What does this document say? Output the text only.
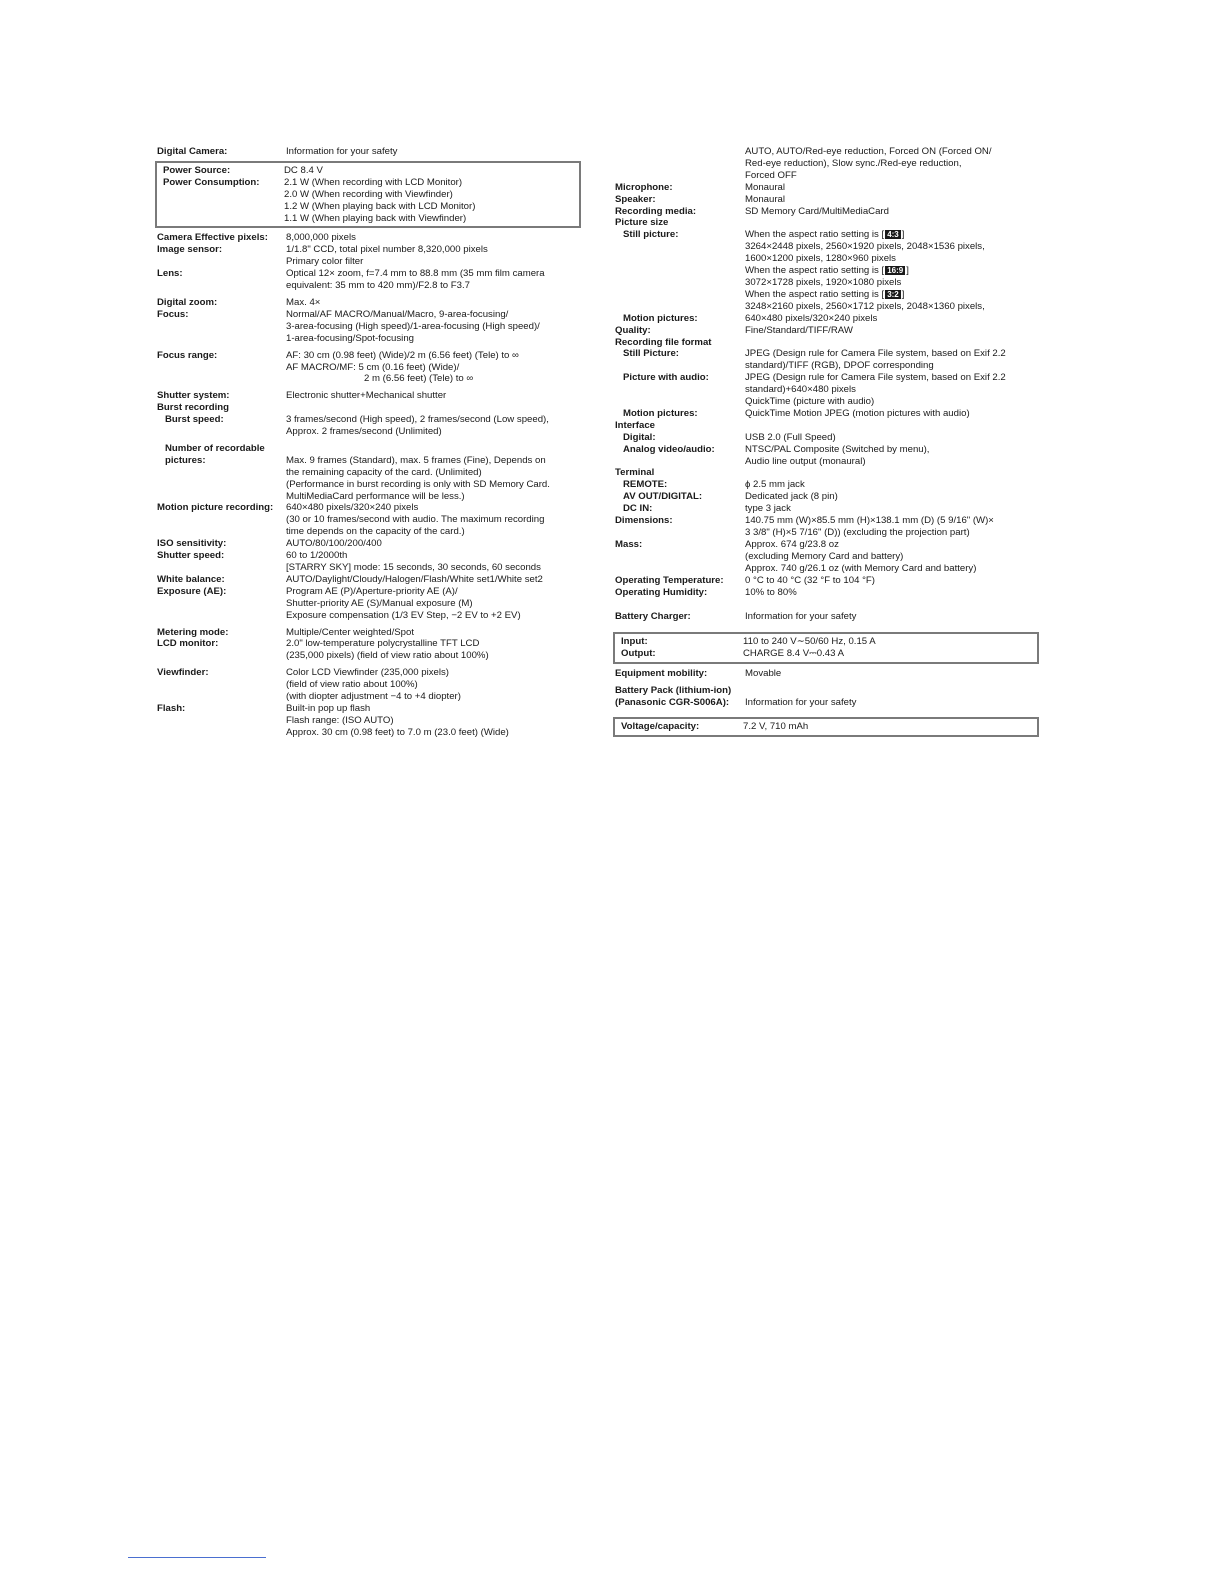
Digital Camera:	Information for your safety
Power Source:	DC 8.4 V
Power Consumption:	2.1 W (When recording with LCD Monitor)
2.0 W (When recording with Viewfinder)
1.2 W (When playing back with LCD Monitor)
1.1 W (When playing back with Viewfinder)
Camera Effective pixels:	8,000,000 pixels
Image sensor:	1/1.8" CCD, total pixel number 8,320,000 pixels
Primary color filter
Lens:	Optical 12× zoom, f=7.4 mm to 88.8 mm (35 mm film camera
equivalent: 35 mm to 420 mm)/F2.8 to F3.7
Digital zoom:	Max. 4×
Focus:	Normal/AF MACRO/Manual/Macro, 9-area-focusing/
3-area-focusing (High speed)/1-area-focusing (High speed)/
1-area-focusing/Spot-focusing
Focus range:	AF: 30 cm (0.98 feet) (Wide)/2 m (6.56 feet) (Tele) to ∞
AF MACRO/MF: 5 cm (0.16 feet) (Wide)/
2 m (6.56 feet) (Tele) to ∞
Shutter system:	Electronic shutter+Mechanical shutter
Burst recording
Burst speed:	3 frames/second (High speed), 2 frames/second (Low speed),
Approx. 2 frames/second (Unlimited)
Number of recordable
pictures:	Max. 9 frames (Standard), max. 5 frames (Fine), Depends on
the remaining capacity of the card. (Unlimited)
(Performance in burst recording is only with SD Memory Card.
MultiMediaCard performance will be less.)
Motion picture recording:	640×480 pixels/320×240 pixels
(30 or 10 frames/second with audio. The maximum recording
time depends on the capacity of the card.)
ISO sensitivity:	AUTO/80/100/200/400
Shutter speed:	60 to 1/2000th
[STARRY SKY] mode: 15 seconds, 30 seconds, 60 seconds
White balance:	AUTO/Daylight/Cloudy/Halogen/Flash/White set1/White set2
Exposure (AE):	Program AE (P)/Aperture-priority AE (A)/
Shutter-priority AE (S)/Manual exposure (M)
Exposure compensation (1/3 EV Step, −2 EV to +2 EV)
Metering mode:	Multiple/Center weighted/Spot
LCD monitor:	2.0" low-temperature polycrystalline TFT LCD
(235,000 pixels) (field of view ratio about 100%)
Viewfinder:	Color LCD Viewfinder (235,000 pixels)
(field of view ratio about 100%)
(with diopter adjustment −4 to +4 diopter)
Flash:	Built-in pop up flash
Flash range: (ISO AUTO)
Approx. 30 cm (0.98 feet) to 7.0 m (23.0 feet) (Wide)
AUTO, AUTO/Red-eye reduction, Forced ON (Forced ON/
Red-eye reduction), Slow sync./Red-eye reduction,
Forced OFF
Microphone:	Monaural
Speaker:	Monaural
Recording media:	SD Memory Card/MultiMediaCard
Picture size
Still picture:	When the aspect ratio setting is [ 4:3 ]
3264×2448 pixels, 2560×1920 pixels, 2048×1536 pixels,
1600×1200 pixels, 1280×960 pixels
When the aspect ratio setting is [ 16:9 ]
3072×1728 pixels, 1920×1080 pixels
When the aspect ratio setting is [ 3:2 ]
3248×2160 pixels, 2560×1712 pixels, 2048×1360 pixels,
Motion pictures:	640×480 pixels/320×240 pixels
Quality:	Fine/Standard/TIFF/RAW
Recording file format
Still Picture:	JPEG (Design rule for Camera File system, based on Exif 2.2
standard)/TIFF (RGB), DPOF corresponding
Picture with audio:	JPEG (Design rule for Camera File system, based on Exif 2.2
standard)+640×480 pixels
QuickTime (picture with audio)
Motion pictures:	QuickTime Motion JPEG (motion pictures with audio)
Interface
Digital:	USB 2.0 (Full Speed)
Analog video/audio:	NTSC/PAL Composite (Switched by menu),
Audio line output (monaural)
Terminal
REMOTE:	ϕ 2.5 mm jack
AV OUT/DIGITAL:	Dedicated jack (8 pin)
DC IN:	type 3 jack
Dimensions:	140.75 mm (W)×85.5 mm (H)×138.1 mm (D) (5 9/16" (W)×
3 3/8" (H)×5 7/16" (D)) (excluding the projection part)
Mass:	Approx. 674 g/23.8 oz
(excluding Memory Card and battery)
Approx. 740 g/26.1 oz (with Memory Card and battery)
Operating Temperature:	0 °C to 40 °C (32 °F to 104 °F)
Operating Humidity:	10% to 80%
Battery Charger:	Information for your safety
Input:	110 to 240 V∼50/60 Hz, 0.15 A
Output:	CHARGE 8.4 V⎓0.43 A
Equipment mobility:	Movable
Battery Pack (lithium-ion)
(Panasonic CGR-S006A):	Information for your safety
Voltage/capacity:	7.2 V, 710 mAh
